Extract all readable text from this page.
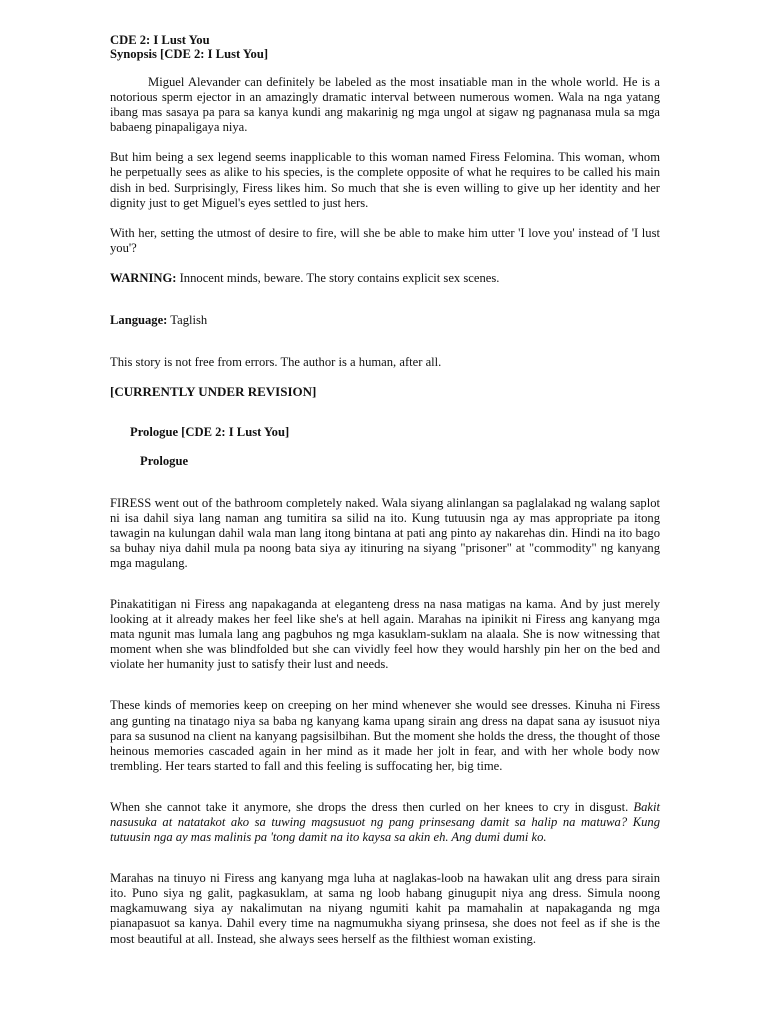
CDE 2: I Lust You
Synopsis [CDE 2: I Lust You]

Miguel Alevander can definitely be labeled as the most insatiable man in the whole world. He is a notorious sperm ejector in an amazingly dramatic interval between numerous women. Wala na nga yatang ibang mas sasaya pa para sa kanya kundi ang makarinig ng mga ungol at sigaw ng pagnanasa mula sa mga babaeng pinapaligaya niya.

But him being a sex legend seems inapplicable to this woman named Firess Felomina. This woman, whom he perpetually sees as alike to his species, is the complete opposite of what he requires to be called his main dish in bed. Surprisingly, Firess likes him. So much that she is even willing to give up her identity and her dignity just to get Miguel's eyes settled to just hers.

With her, setting the utmost of desire to fire, will she be able to make him utter 'I love you' instead of 'I lust you'?

WARNING: Innocent minds, beware. The story contains explicit sex scenes.

Language: Taglish

This story is not free from errors. The author is a human, after all.

[CURRENTLY UNDER REVISION]

Prologue [CDE 2: I Lust You]

Prologue

FIRESS went out of the bathroom completely naked. Wala siyang alinlangan sa paglalakad ng walang saplot ni isa dahil siya lang naman ang tumitira sa silid na ito. Kung tutuusin nga ay mas appropriate pa itong tawagin na kulungan dahil wala man lang itong bintana at pati ang pinto ay nakarehas din. Hindi na ito bago sa buhay niya dahil mula pa noong bata siya ay itinuring na siyang "prisoner" at "commodity" ng kanyang mga magulang.

Pinakatitigan ni Firess ang napakaganda at eleganteng dress na nasa matigas na kama. And by just merely looking at it already makes her feel like she's at hell again. Marahas na ipinikit ni Firess ang kanyang mga mata ngunit mas lumala lang ang pagbuhos ng mga kasuklam-suklam na alaala. She is now witnessing that moment when she was blindfolded but she can vividly feel how they would harshly pin her on the bed and violate her humanity just to satisfy their lust and needs.

These kinds of memories keep on creeping on her mind whenever she would see dresses. Kinuha ni Firess ang gunting na tinatago niya sa baba ng kanyang kama upang sirain ang dress na dapat sana ay isusuot niya para sa susunod na client na kanyang pagsisilbihan. But the moment she holds the dress, the thought of those heinous memories cascaded again in her mind as it made her jolt in fear, and with her whole body now trembling. Her tears started to fall and this feeling is suffocating her, big time.

When she cannot take it anymore, she drops the dress then curled on her knees to cry in disgust. Bakit nasusuka at natatakot ako sa tuwing magsusuot ng pang prinsesang damit sa halip na matuwa? Kung tutuusin nga ay mas malinis pa 'tong damit na ito kaysa sa akin eh. Ang dumi dumi ko.

Marahas na tinuyo ni Firess ang kanyang mga luha at naglakas-loob na hawakan ulit ang dress para sirain ito. Puno siya ng galit, pagkasuklam, at sama ng loob habang ginugupit niya ang dress. Simula noong magkamuwang siya ay nakalimutan na niyang ngumiti kahit pa mamahalin at napakaganda ng mga pianapasuot sa kanya. Dahil every time na nagmumukha siyang prinsesa, she does not feel as if she is the most beautiful at all. Instead, she always sees herself as the filthiest woman existing.
